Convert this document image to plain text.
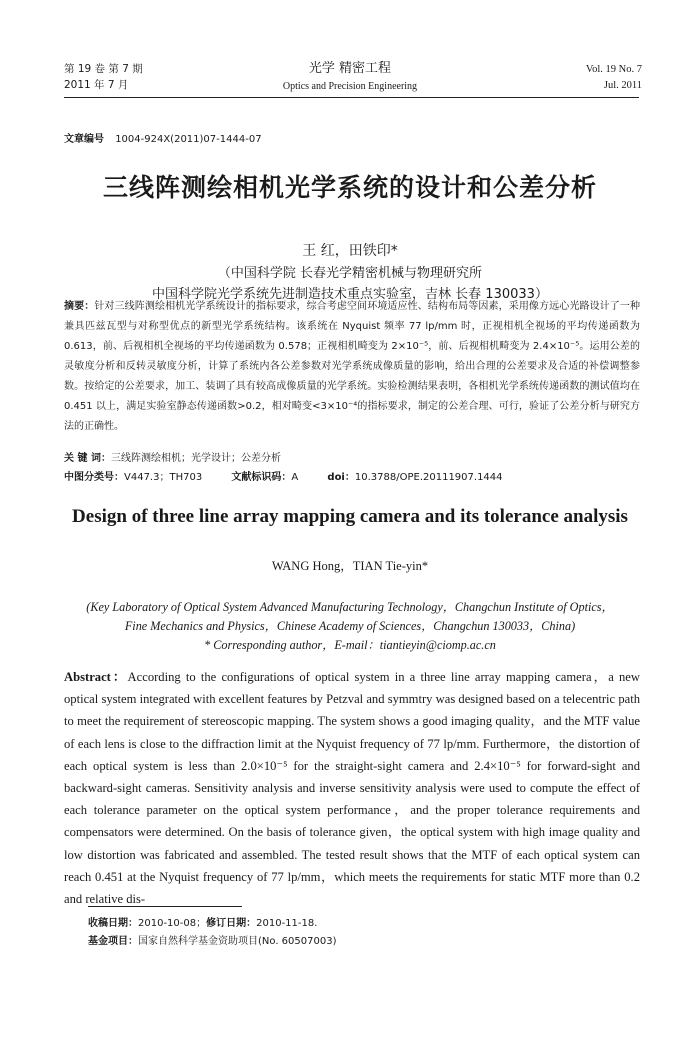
第 19 卷 第 7 期
2011 年 7 月
光学 精密工程
Optics and Precision Engineering
Vol. 19 No. 7
Jul. 2011
文章编号 1004-924X(2011)07-1444-07
三线阵测绘相机光学系统的设计和公差分析
王 红，田铁印*
（中国科学院 长春光学精密机械与物理研究所
中国科学院光学系统先进制造技术重点实验室，吉林 长春 130033）
摘要：针对三线阵测绘相机光学系统设计的指标要求，综合考虑空间环境适应性、结构布局等因素，采用像方远心光路设计了一种兼具匹兹瓦型与对称型优点的新型光学系统结构。该系统在 Nyquist 频率 77 lp/mm 时，正视相机全视场的平均传递函数为 0.613，前、后视相机全视场的平均传递函数为 0.578；正视相机畸变为 2×10⁻⁵，前、后视相机畸变为 2.4×10⁻⁵。运用公差的灵敏度分析和反转灵敏度分析，计算了系统内各公差参数对光学系统成像质量的影响，给出合理的公差要求及合适的补偿调整参数。按给定的公差要求，加工、装调了具有较高成像质量的光学系统。实验检测结果表明，各相机光学系统传递函数的测试值均在 0.451 以上，满足实验室静态传递函数>0.2，相对畸变<3×10⁻⁴的指标要求，制定的公差合理、可行，验证了公差分析与研究方法的正确性。
关 键 词：三线阵测绘相机；光学设计；公差分析
中图分类号：V447.3；TH703	文献标识码：A	doi：10.3788/OPE.20111907.1444
Design of three line array mapping camera and its tolerance analysis
WANG Hong，TIAN Tie-yin*
(Key Laboratory of Optical System Advanced Manufacturing Technology，Changchun Institute of Optics，
Fine Mechanics and Physics，Chinese Academy of Sciences，Changchun 130033，China)
* Corresponding author，E-mail：tiantieyin@ciomp.ac.cn
Abstract：According to the configurations of optical system in a three line array mapping camera，a new optical system integrated with excellent features by Petzval and symmtry was designed based on a telecentric path to meet the requirement of stereoscopic mapping. The system shows a good imaging quality，and the MTF value of each lens is close to the diffraction limit at the Nyquist frequency of 77 lp/mm. Furthermore，the distortion of each optical system is less than 2.0×10⁻⁵ for the straight-sight camera and 2.4×10⁻⁵ for forward-sight and backward-sight cameras. Sensitivity analysis and inverse sensitivity analysis were used to compute the effect of each tolerance parameter on the optical system performance，and the proper tolerance requirements and compensators were determined. On the basis of tolerance given，the optical system with high image quality and low distortion was fabricated and assembled. The tested result shows that the MTF of each optical system can reach 0.451 at the Nyquist frequency of 77 lp/mm，which meets the requirements for static MTF more than 0.2 and relative dis-
收稿日期：2010-10-08；修订日期：2010-11-18.
基金项目：国家自然科学基金资助项目(No. 60507003)
